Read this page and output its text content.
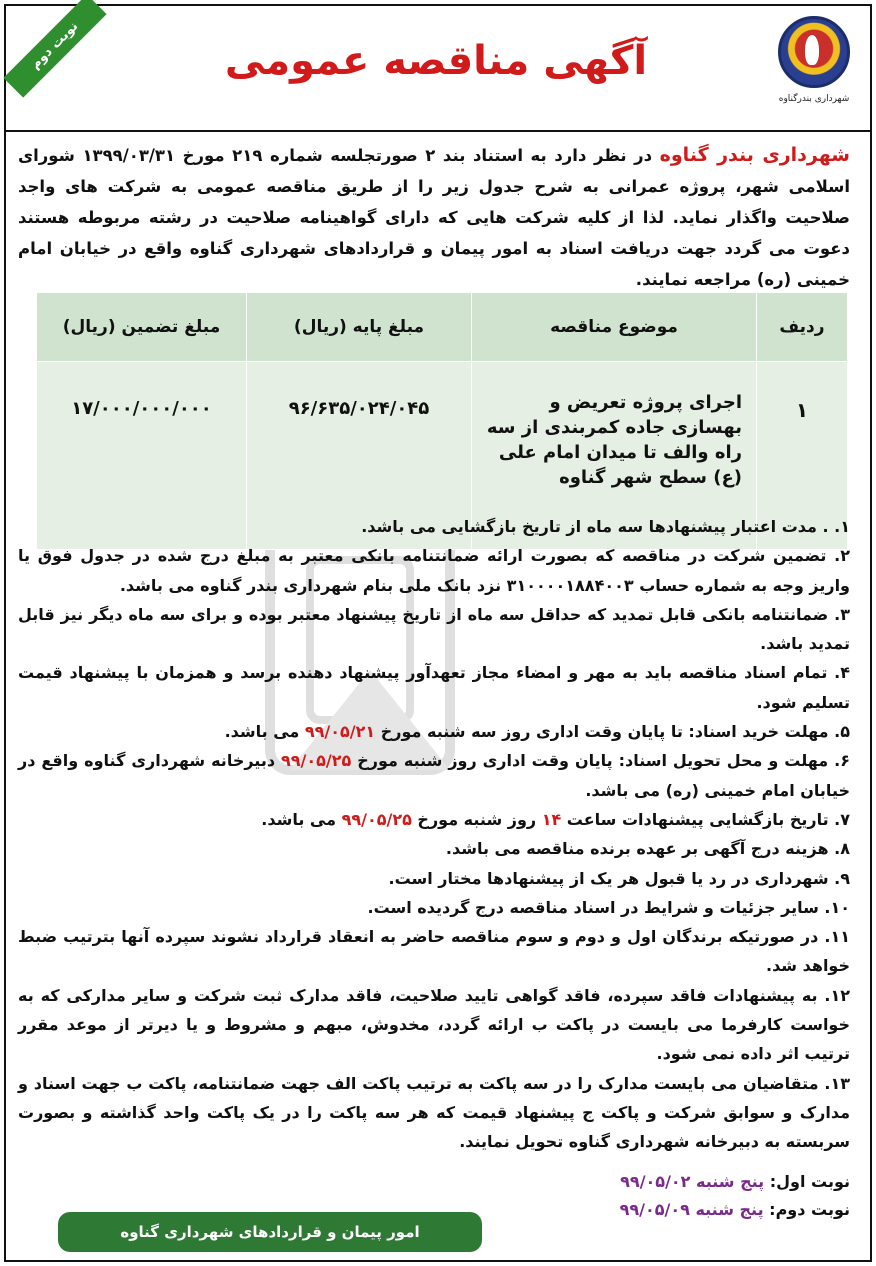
نوبت دوم	آگهی مناقصه عمومی
شهرداری بندرگناوه
شهرداری بندر گناوه در نظر دارد به استناد بند ۲ صورتجلسه شماره ۲۱۹ مورخ ۱۳۹۹/۰۳/۳۱ شورای اسلامی شهر، پروژه عمرانی به شرح جدول زیر را از طریق مناقصه عمومی به شرکت های واجد صلاحیت واگذار نماید. لذا از کلیه شرکت هایی که دارای گواهینامه صلاحیت در رشته مربوطه هستند دعوت می گردد جهت دریافت اسناد به امور پیمان و قراردادهای شهرداری گناوه واقع در خیابان امام خمینی (ره) مراجعه نمایند.
ردیف	موضوع مناقصه	مبلغ پایه (ریال)	مبلغ تضمین (ریال)
۱	اجرای پروژه تعریض و بهسازی جاده کمربندی از سه راه والف تا میدان امام علی (ع) سطح شهر گناوه	۹۶/۶۳۵/۰۲۴/۰۴۵	۱۷/۰۰۰/۰۰۰/۰۰۰

۱. . مدت اعتبار پیشنهادها سه ماه از تاریخ بازگشایی می باشد.

۲. تضمین شرکت در مناقصه که بصورت ارائه ضمانتنامه بانکی معتبر به مبلغ درج شده در جدول فوق یا واریز وجه به شماره حساب ۳۱۰۰۰۰۱۸۸۴۰۰۳ نزد بانک ملی بنام شهرداری بندر گناوه می باشد.

۳. ضمانتنامه بانکی قابل تمدید که حداقل سه ماه از تاریخ پیشنهاد معتبر بوده و برای سه ماه دیگر نیز قابل تمدید باشد.

۴. تمام اسناد مناقصه باید به مهر و امضاء مجاز تعهدآور پیشنهاد دهنده برسد و همزمان با پیشنهاد قیمت تسلیم شود.

۵. مهلت خرید اسناد: تا پایان وقت اداری روز سه شنبه مورخ ۹۹/۰۵/۲۱ می باشد.

۶. مهلت و محل تحویل اسناد: پایان وقت اداری روز شنبه مورخ ۹۹/۰۵/۲۵ دبیرخانه شهرداری گناوه واقع در خیابان امام خمینی (ره) می باشد.

۷. تاریخ بازگشایی پیشنهادات ساعت ۱۴ روز شنبه مورخ ۹۹/۰۵/۲۵ می باشد.

۸. هزینه درج آگهی بر عهده برنده مناقصه می باشد.

۹. شهرداری در رد یا قبول هر یک از پیشنهادها مختار است.

۱۰. سایر جزئیات و شرایط در اسناد مناقصه درج گردیده است.

۱۱. در صورتیکه برندگان اول و دوم و سوم مناقصه حاضر به انعقاد قرارداد نشوند سپرده آنها بترتیب ضبط خواهد شد.

۱۲. به پیشنهادات فاقد سپرده، فاقد گواهی تایید صلاحیت، فاقد مدارک ثبت شرکت و سایر مدارکی که به خواست کارفرما می بایست در پاکت ب ارائه گردد، مخدوش، مبهم و مشروط و یا دیرتر از موعد مقرر ترتیب اثر داده نمی شود.

۱۳. متقاضیان می بایست مدارک را در سه پاکت به ترتیب پاکت الف جهت ضمانتنامه، پاکت ب جهت اسناد و مدارک و سوابق شرکت و پاکت ج پیشنهاد قیمت که هر سه پاکت را در یک پاکت واحد گذاشته و بصورت سربسته به دبیرخانه شهرداری گناوه تحویل نمایند.

نوبت اول: پنج شنبه ۹۹/۰۵/۰۲
نوبت دوم: پنج شنبه ۹۹/۰۵/۰۹
امور پیمان و قراردادهای شهرداری گناوه
